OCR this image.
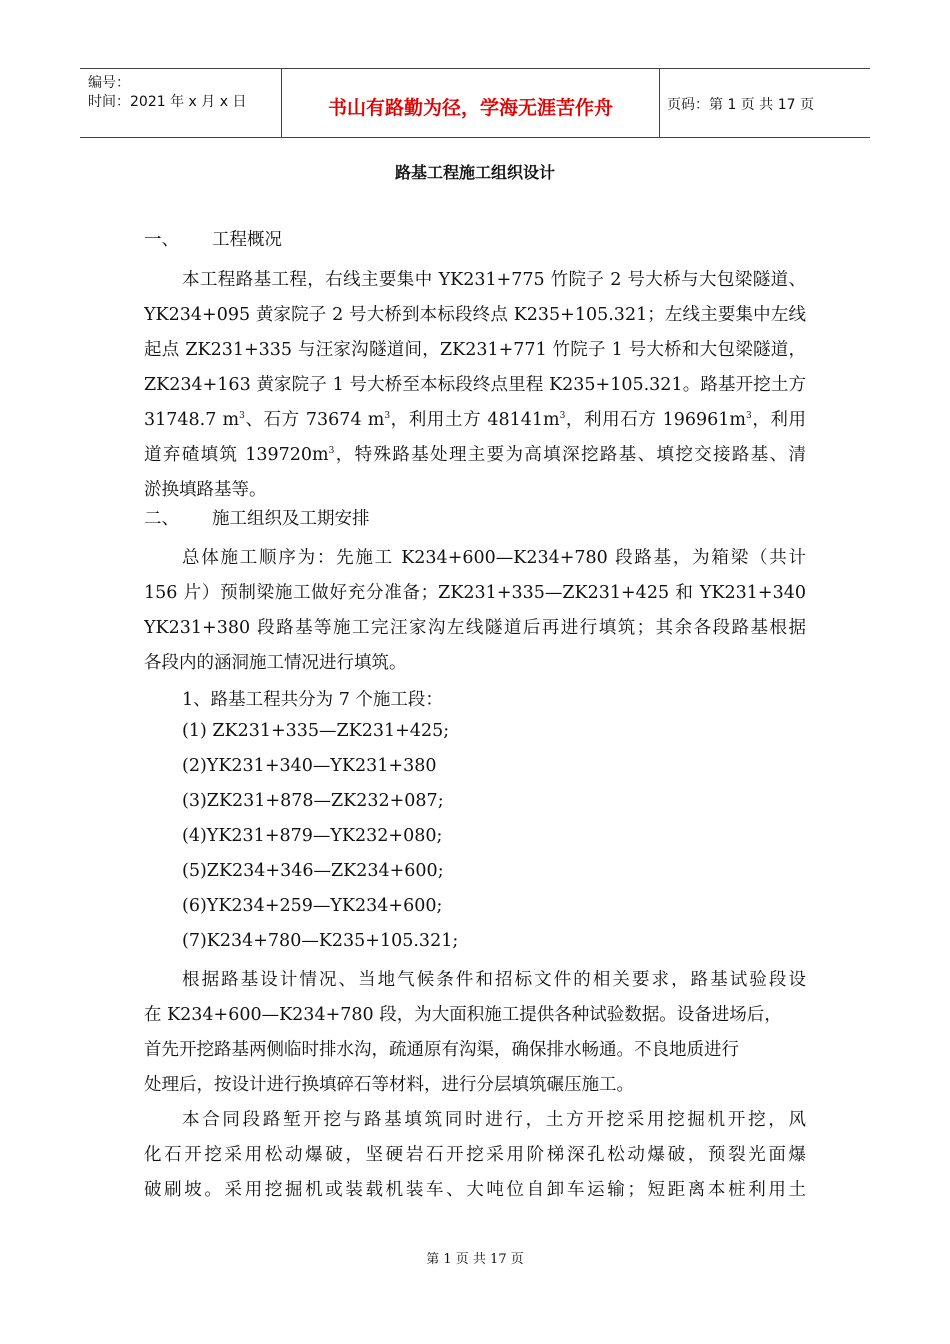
编号：
时间：2021 年 x 月 x 日	书山有路勤为径，学海无涯苦作舟	页码：第 1 页 共 17 页
路基工程施工组织设计
一、 工程概况
本工程路基工程，右线主要集中 YK231+775 竹院子 2 号大桥与大包梁隧道、
YK234+095 黄家院子 2 号大桥到本标段终点 K235+105.321；左线主要集中左线
起点 ZK231+335 与汪家沟隧道间，ZK231+771 竹院子 1 号大桥和大包梁隧道，
ZK234+163 黄家院子 1 号大桥至本标段终点里程 K235+105.321。路基开挖土方
31748.7 $m^3$、石方 73674 $m^3$，利用土方 $48141m^3$，利用石方 $196961m^3$，利用
道弃碴填筑 $139720m^3$，特殊路基处理主要为高填深挖路基、填挖交接路基、清
淤换填路基等。
二、 施工组织及工期安排
总体施工顺序为：先施工 K234+600—K234+780 段路基，为箱梁（共计
156 片）预制梁施工做好充分准备；ZK231+335—ZK231+425 和 YK231+340
YK231+380 段路基等施工完汪家沟左线隧道后再进行填筑；其余各段路基根据
各段内的涵洞施工情况进行填筑。
1、路基工程共分为 7 个施工段：
(1) ZK231+335—ZK231+425;
(2)YK231+340—YK231+380
(3)ZK231+878—ZK232+087;
(4)YK231+879—YK232+080;
(5)ZK234+346—ZK234+600;
(6)YK234+259—YK234+600;
(7)K234+780—K235+105.321;
根据路基设计情况、当地气候条件和招标文件的相关要求，路基试验段设
在 K234+600—K234+780 段，为大面积施工提供各种试验数据。设备进场后，
首先开挖路基两侧临时排水沟，疏通原有沟渠，确保排水畅通。不良地质进行
处理后，按设计进行换填碎石等材料，进行分层填筑碾压施工。
本合同段路堑开挖与路基填筑同时进行，土方开挖采用挖掘机开挖，风
化石开挖采用松动爆破，坚硬岩石开挖采用阶梯深孔松动爆破，预裂光面爆
破刷坡。采用挖掘机或装载机装车、大吨位自卸车运输；短距离本桩利用土
第 1 页 共 17 页
